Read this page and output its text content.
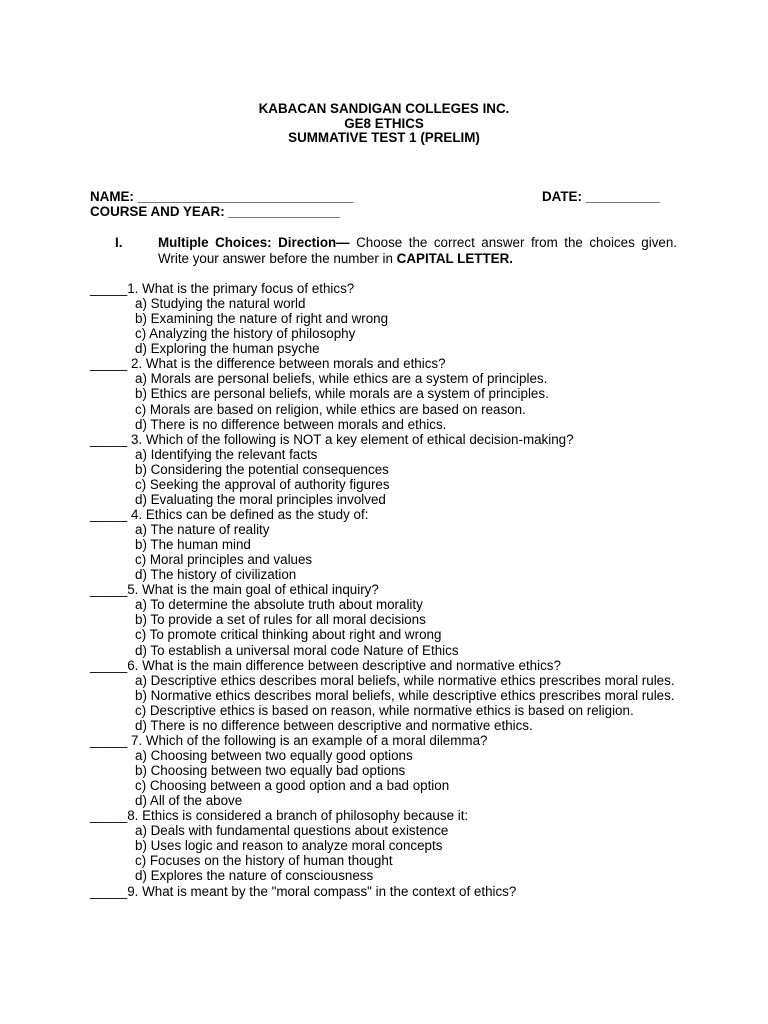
KABACAN SANDIGAN COLLEGES INC.
GE8 ETHICS
SUMMATIVE TEST 1 (PRELIM)
NAME: _____________________________	DATE: __________
COURSE AND YEAR: _______________
I.	Multiple Choices: Direction— Choose the correct answer from the choices given. Write your answer before the number in CAPITAL LETTER.
_____1. What is the primary focus of ethics?
a) Studying the natural world
b) Examining the nature of right and wrong
c) Analyzing the history of philosophy
d) Exploring the human psyche
_____ 2. What is the difference between morals and ethics?
a) Morals are personal beliefs, while ethics are a system of principles.
b) Ethics are personal beliefs, while morals are a system of principles.
c) Morals are based on religion, while ethics are based on reason.
d) There is no difference between morals and ethics.
_____ 3. Which of the following is NOT a key element of ethical decision-making?
a) Identifying the relevant facts
b) Considering the potential consequences
c) Seeking the approval of authority figures
d) Evaluating the moral principles involved
_____ 4. Ethics can be defined as the study of:
a) The nature of reality
b) The human mind
c) Moral principles and values
d) The history of civilization
_____5. What is the main goal of ethical inquiry?
a) To determine the absolute truth about morality
b) To provide a set of rules for all moral decisions
c) To promote critical thinking about right and wrong
d) To establish a universal moral code Nature of Ethics
_____6. What is the main difference between descriptive and normative ethics?
a) Descriptive ethics describes moral beliefs, while normative ethics prescribes moral rules.
b) Normative ethics describes moral beliefs, while descriptive ethics prescribes moral rules.
c) Descriptive ethics is based on reason, while normative ethics is based on religion.
d) There is no difference between descriptive and normative ethics.
_____ 7. Which of the following is an example of a moral dilemma?
a) Choosing between two equally good options
b) Choosing between two equally bad options
c) Choosing between a good option and a bad option
d) All of the above
_____8. Ethics is considered a branch of philosophy because it:
a) Deals with fundamental questions about existence
b) Uses logic and reason to analyze moral concepts
c) Focuses on the history of human thought
d) Explores the nature of consciousness
_____9. What is meant by the "moral compass" in the context of ethics?
